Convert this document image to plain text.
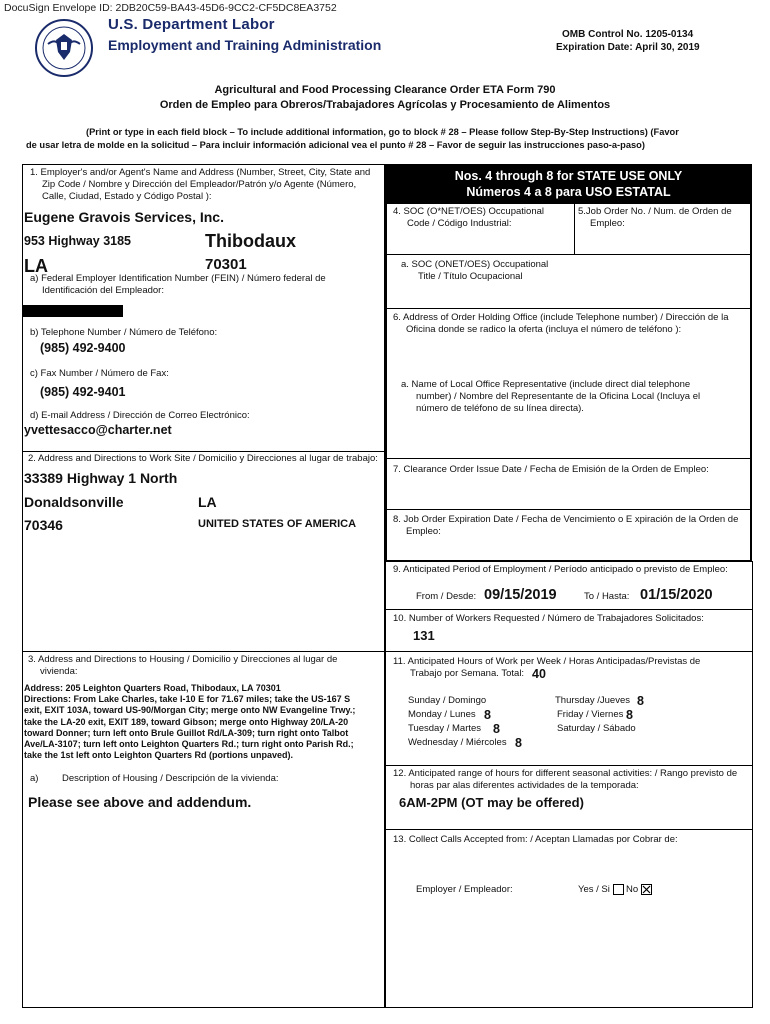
DocuSign Envelope ID: 2DB20C59-BA43-45D6-9CC2-CF5DC8EA3752
U.S. Department Labor
Employment and Training Administration
OMB Control No. 1205-0134
Expiration Date: April 30, 2019
Agricultural and Food Processing Clearance Order ETA Form 790
Orden de Empleo para Obreros/Trabajadores Agrícolas y Procesamiento de Alimentos
(Print or type in each field block – To include additional information, go to block # 28 – Please follow Step-By-Step Instructions) (Favor
de usar letra de molde en la solicitud – Para incluir información adicional vea el punto # 28 – Favor de seguir las instrucciones paso-a-paso)
1. Employer's and/or Agent's Name and Address (Number, Street, City, State and
Zip Code / Nombre y Dirección del Empleador/Patrón y/o Agente (Número,
Calle, Ciudad, Estado y Código Postal ):
Eugene Gravois Services, Inc.
953 Highway 3185	Thibodaux
LA	70301
a) Federal Employer Identification Number (FEIN) / Número federal de
Identificación del Empleador:
b) Telephone Number / Número de Teléfono:
(985) 492-9400
c) Fax Number / Número de Fax:
(985) 492-9401
d) E-mail Address / Dirección de Correo Electrónico:
yvettesacco@charter.net
2. Address and Directions to Work Site / Domicilio y Direcciones al lugar de trabajo:
33389 Highway 1 North
Donaldsonville	LA
70346	UNITED STATES OF AMERICA
3. Address and Directions to Housing / Domicilio y Direcciones al lugar de
vivienda:
Address: 205 Leighton Quarters Road, Thibodaux, LA 70301
Directions: From Lake Charles, take I-10 E for 71.67 miles; take the US-167 S
exit, EXIT 103A, toward US-90/Morgan City; merge onto NW Evangeline Trwy.;
take the LA-20 exit, EXIT 189, toward Gibson; merge onto Highway 20/LA-20
toward Donner; turn left onto Brule Guillot Rd/LA-309; turn right onto Talbot
Ave/LA-3107; turn left onto Leighton Quarters Rd.; turn right onto Parish Rd.;
take the 1st left onto Leighton Quarters Rd (portions unpaved).
a) Description of Housing / Descripción de la vivienda:
Please see above and addendum.
Nos. 4 through 8 for STATE USE ONLY
Números 4 a 8 para USO ESTATAL
4. SOC (O*NET/OES) Occupational
Code / Código Industrial:
5.Job Order No. / Num. de Orden de
Empleo:
a. SOC (ONET/OES) Occupational
Title / Título Ocupacional
6. Address of Order Holding Office (include Telephone number) / Dirección de la
Oficina donde se radico la oferta (incluya el número de teléfono ):
a. Name of Local Office Representative (include direct dial telephone
number) / Nombre del Representante de la Oficina Local (Incluya el
número de teléfono de su línea directa).
7. Clearance Order Issue Date / Fecha de Emisión de la Orden de Empleo:
8. Job Order Expiration Date / Fecha de Vencimiento o E xpiración de la Orden de
Empleo:
9. Anticipated Period of Employment / Período anticipado o previsto de Empleo:
From / Desde: 09/15/2019	To / Hasta: 01/15/2020
10. Number of Workers Requested / Número de Trabajadores Solicitados:
131
11. Anticipated Hours of Work per Week / Horas Anticipadas/Previstas de
Trabajo por Semana. Total: 40
Sunday / Domingo
Monday / Lunes 8
Tuesday / Martes 8
Wednesday / Miércoles 8
Thursday /Jueves 8
Friday / Viernes 8
Saturday / Sábado
12. Anticipated range of hours for different seasonal activities: / Rango previsto de
horas par alas diferentes actividades de la temporada:
6AM-2PM (OT may be offered)
13. Collect Calls Accepted from: / Aceptan Llamadas por Cobrar de:
Employer / Empleador:	Yes / Si No
